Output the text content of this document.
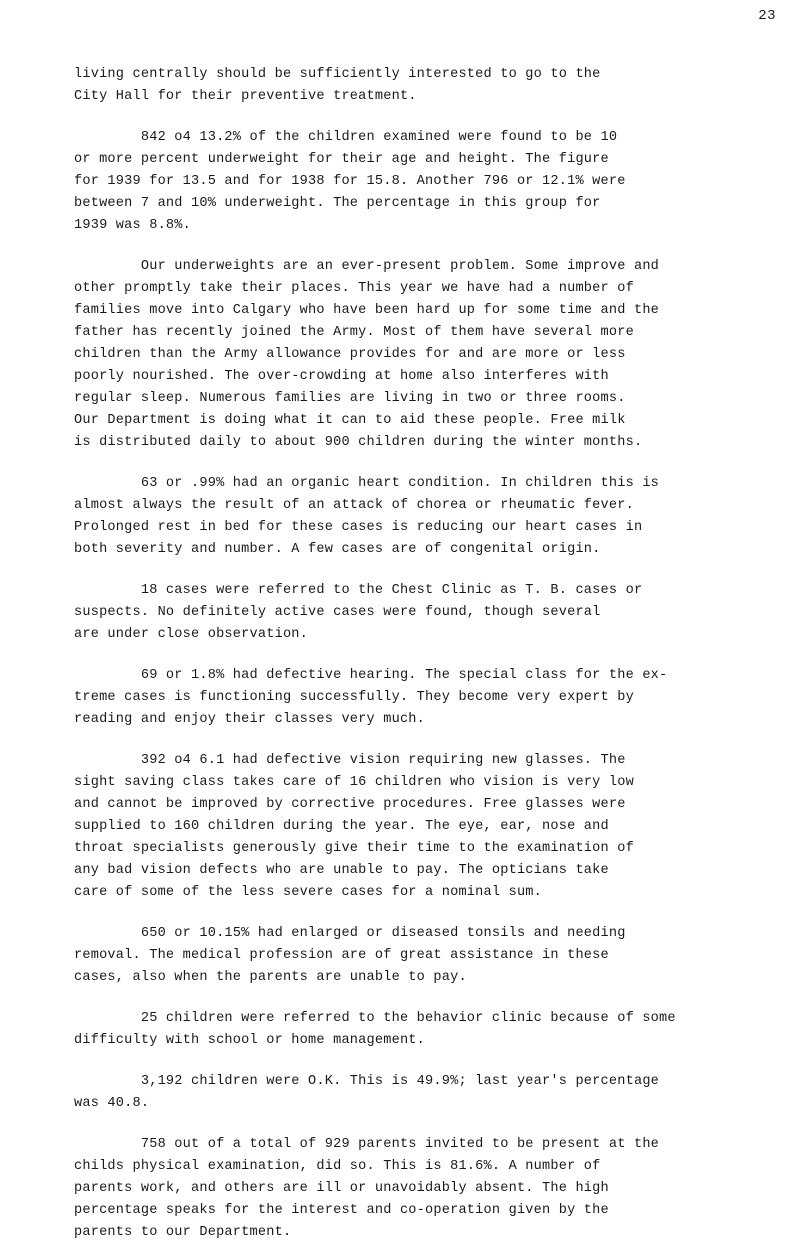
23

living centrally should be sufficiently interested to go to the
City Hall for their preventive treatment.

842 o4 13.2% of the children examined were found to be 10
or more percent underweight for their age and height. The figure
for 1939 for 13.5 and for 1938 for 15.8. Another 796 or 12.1% were
between 7 and 10% underweight. The percentage in this group for
1939 was 8.8%.

Our underweights are an ever-present problem. Some improve and
other promptly take their places. This year we have had a number of
families move into Calgary who have been hard up for some time and the
father has recently joined the Army. Most of them have several more
children than the Army allowance provides for and are more or less
poorly nourished. The over-crowding at home also interferes with
regular sleep. Numerous families are living in two or three rooms.
Our Department is doing what it can to aid these people. Free milk
is distributed daily to about 900 children during the winter months.

63 or .99% had an organic heart condition. In children this is
almost always the result of an attack of chorea or rheumatic fever.
Prolonged rest in bed for these cases is reducing our heart cases in
both severity and number. A few cases are of congenital origin.

18 cases were referred to the Chest Clinic as T. B. cases or
suspects. No definitely active cases were found, though several
are under close observation.

69 or 1.8% had defective hearing. The special class for the ex-
treme cases is functioning successfully. They become very expert by
reading and enjoy their classes very much.

392 o4 6.1 had defective vision requiring new glasses. The
sight saving class takes care of 16 children who vision is very low
and cannot be improved by corrective procedures. Free glasses were
supplied to 160 children during the year. The eye, ear, nose and
throat specialists generously give their time to the examination of
any bad vision defects who are unable to pay. The opticians take
care of some of the less severe cases for a nominal sum.

650 or 10.15% had enlarged or diseased tonsils and needing
removal. The medical profession are of great assistance in these
cases, also when the parents are unable to pay.

25 children were referred to the behavior clinic because of some
difficulty with school or home management.

3,192 children were O.K. This is 49.9%; last year's percentage
was 40.8.

758 out of a total of 929 parents invited to be present at the
childs physical examination, did so. This is 81.6%. A number of
parents work, and others are ill or unavoidably absent. The high
percentage speaks for the interest and co-operation given by the
parents to our Department.
